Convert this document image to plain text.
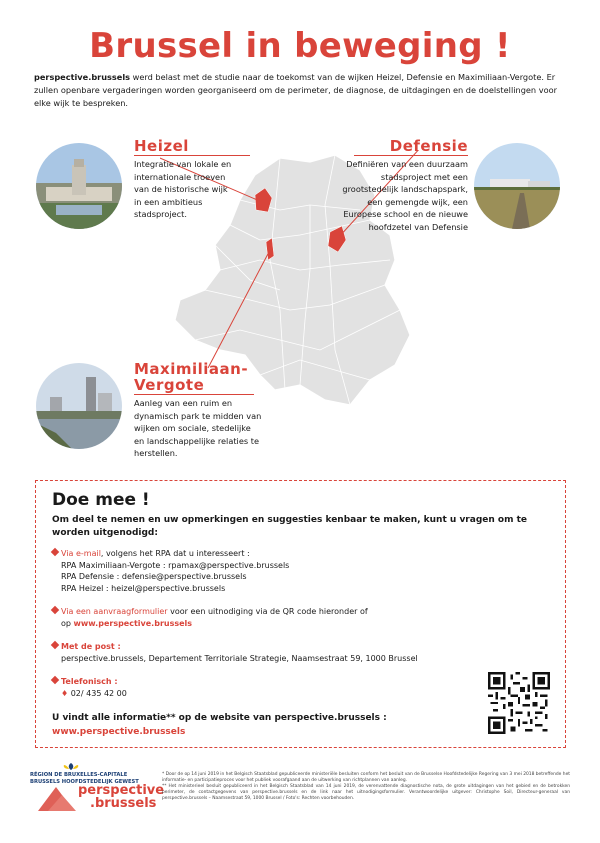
Brussel in beweging !
perspective.brussels werd belast met de studie naar de toekomst van de wijken Heizel, Defensie en Maximiliaan-Vergote. Er zullen openbare vergaderingen worden georganiseerd om de perimeter, de diagnose, de uitdagingen en de doelstellingen voor elke wijk te bespreken.
Heizel
Integratie van lokale en internationale troeven van de historische wijk in een ambitieus stadsproject.
Defensie
Definiëren van een duurzaam stadsproject met een grootstedelijk landschapspark, een gemengde wijk, een Europese school en de nieuwe hoofdzetel van Defensie
Maximiliaan-
Vergote
Aanleg van een ruim en dynamisch park te midden van wijken om sociale, stedelijke en landschappelijke relaties te herstellen.
Doe mee !
Om deel te nemen en uw opmerkingen en suggesties kenbaar te maken, kunt u vragen om te worden uitgenodigd:
Via e-mail, volgens het RPA dat u interesseert :
RPA Maximiliaan-Vergote : rpamax@perspective.brussels
RPA Defensie : defensie@perspective.brussels
RPA Heizel : heizel@perspective.brussels
Via een aanvraagformulier voor een uitnodiging via de QR code hieronder of
op www.perspective.brussels
Met de post :
perspective.brussels, Departement Territoriale Strategie, Naamsestraat 59, 1000 Brussel
Telefonisch :
♦ 02/ 435 42 00
U vindt alle informatie** op de website van perspective.brussels :
www.perspective.brussels
RÉGION DE BRUXELLES-CAPITALE
BRUSSELS HOOFDSTEDELIJK GEWEST
perspective
.brussels
* Door de op 14 juni 2019 in het Belgisch Staatsblad gepubliceerde ministeriële besluiten conform het besluit van de Brusselse Hoofdstedelijke Regering van 3 mei 2018 betreffende het informatie- en participatieproces voor het publiek voorafgaand aan de uitwerking van richtplannen van aanleg.
** Het ministerieel besluit gepubliceerd in het Belgisch Staatsblad van 14 juni 2019, de verenvattende diagnostische nota, de grote uitdagingen van het gebied en de betrokken perimeter, de contactgegevens van perspective.brussels en de link naar het uitnodigingsformulier. Verantwoordelijke uitgever: Christophe Soil, Directeur-generaal van perspective.brussels – Naamsestraat 59, 1000 Brussel / Foto's: Rechten voorbehouden.
